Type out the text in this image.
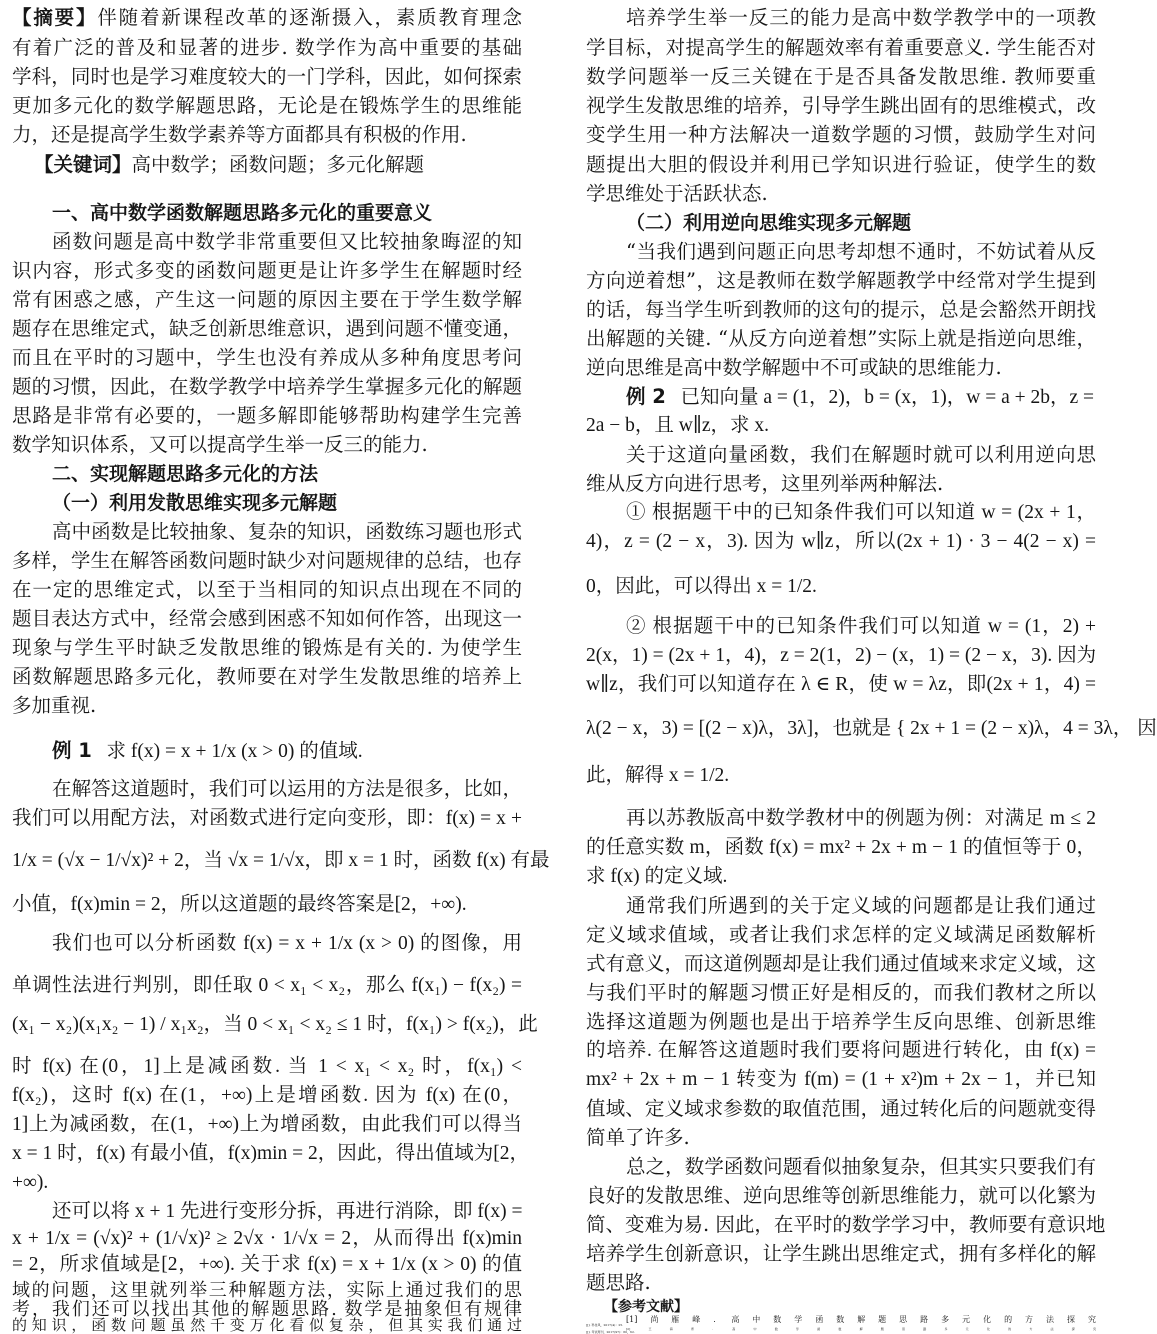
【摘要】伴随着新课程改革的逐渐摄入，素质教育理念
有着广泛的普及和显著的进步. 数学作为高中重要的基础
学科，同时也是学习难度较大的一门学科，因此，如何探索
更加多元化的数学解题思路，无论是在锻炼学生的思维能
力，还是提高学生数学素养等方面都具有积极的作用.
【关键词】高中数学；函数问题；多元化解题
一、高中数学函数解题思路多元化的重要意义
函数问题是高中数学非常重要但又比较抽象晦涩的知
识内容，形式多变的函数问题更是让许多学生在解题时经
常有困惑之感，产生这一问题的原因主要在于学生数学解
题存在思维定式，缺乏创新思维意识，遇到问题不懂变通，
而且在平时的习题中，学生也没有养成从多种角度思考问
题的习惯，因此，在数学教学中培养学生掌握多元化的解题
思路是非常有必要的，一题多解即能够帮助构建学生完善
数学知识体系，又可以提高学生举一反三的能力.
二、实现解题思路多元化的方法
（一）利用发散思维实现多元解题
高中函数是比较抽象、复杂的知识，函数练习题也形式
多样，学生在解答函数问题时缺少对问题规律的总结，也存
在一定的思维定式，以至于当相同的知识点出现在不同的
题目表达方式中，经常会感到困惑不知如何作答，出现这一
现象与学生平时缺乏发散思维的锻炼是有关的. 为使学生
函数解题思路多元化，教师要在对学生发散思维的培养上
多加重视.
例 1 求 f(x) = x + 1/x (x > 0) 的值域.
在解答这道题时，我们可以运用的方法是很多，比如，
我们可以用配方法，对函数式进行定向变形，即：f(x) = x +
1/x = (√x − 1/√x)² + 2，当 √x = 1/√x，即 x = 1 时，函数 f(x) 有最
小值，f(x)min = 2，所以这道题的最终答案是[2，+∞).
我们也可以分析函数 f(x) = x + 1/x (x > 0) 的图像，用
单调性法进行判别，即任取 0 < x₁ < x₂，那么 f(x₁) − f(x₂) =
(x₁ − x₂)(x₁x₂ − 1) / x₁x₂，当 0 < x₁ < x₂ ≤ 1 时，f(x₁) > f(x₂)，此
时 f(x) 在(0，1]上是减函数. 当 1 < x₁ < x₂ 时，f(x₁) <
f(x₂)，这时 f(x) 在(1，+∞)上是增函数. 因为 f(x) 在(0，
1]上为减函数，在(1，+∞)上为增函数，由此我们可以得当
x = 1 时，f(x) 有最小值，f(x)min = 2，因此，得出值域为[2，
+∞).
还可以将 x + 1 先进行变形分拆，再进行消除，即 f(x) =
x + 1/x = (√x)² + (1/√x)² ≥ 2√x · 1/√x = 2，从而得出 f(x)min
= 2，所求值域是[2，+∞). 关于求 f(x) = x + 1/x (x > 0) 的值
域的问题，这里就列举三种解题方法，实际上通过我们的思
考，我们还可以找出其他的解题思路. 数学是抽象但有规律
的知识，函数问题虽然千变万化看似复杂，但其实我们通过
培养学生举一反三的能力是高中数学教学中的一项教
学目标，对提高学生的解题效率有着重要意义. 学生能否对
数学问题举一反三关键在于是否具备发散思维. 教师要重
视学生发散思维的培养，引导学生跳出固有的思维模式，改
变学生用一种方法解决一道数学题的习惯，鼓励学生对问
题提出大胆的假设并利用已学知识进行验证，使学生的数
学思维处于活跃状态.
（二）利用逆向思维实现多元解题
“当我们遇到问题正向思考却想不通时，不妨试着从反
方向逆着想”，这是教师在数学解题教学中经常对学生提到
的话，每当学生听到教师的这句的提示，总是会豁然开朗找
出解题的关键. “从反方向逆着想”实际上就是指逆向思维，
逆向思维是高中数学解题中不可或缺的思维能力.
例 2 已知向量 a = (1，2)，b = (x，1)，w = a + 2b，z =
2a − b，且 w∥z，求 x.
关于这道向量函数，我们在解题时就可以利用逆向思
维从反方向进行思考，这里列举两种解法.
① 根据题干中的已知条件我们可以知道 w = (2x + 1，
4)，z = (2 − x，3). 因为 w∥z，所以(2x + 1) · 3 − 4(2 − x) =
0，因此，可以得出 x = 1/2.
② 根据题干中的已知条件我们可以知道 w = (1，2) +
2(x，1) = (2x + 1，4)，z = 2(1，2) − (x，1) = (2 − x，3). 因为
w∥z，我们可以知道存在 λ ∈ R，使 w = λz，即(2x + 1，4) =
λ(2 − x，3) = [(2 − x)λ，3λ]，也就是 { 2x + 1 = (2 − x)λ，4 = 3λ， 因
此，解得 x = 1/2.
再以苏教版高中数学教材中的例题为例：对满足 m ≤ 2
的任意实数 m，函数 f(x) = mx² + 2x + m − 1 的值恒等于 0，
求 f(x) 的定义域.
通常我们所遇到的关于定义域的问题都是让我们通过
定义域求值域，或者让我们求怎样的定义域满足函数解析
式有意义，而这道例题却是让我们通过值域来求定义域，这
与我们平时的解题习惯正好是相反的，而我们教材之所以
选择这道题为例题也是出于培养学生反向思维、创新思维
的培养. 在解答这道题时我们要将问题进行转化，由 f(x) =
mx² + 2x + m − 1 转变为 f(m) = (1 + x²)m + 2x − 1，并已知
值域、定义域求参数的取值范围，通过转化后的问题就变得
简单了许多.
总之，数学函数问题看似抽象复杂，但其实只要我们有
良好的发散思维、逆向思维等创新思维能力，就可以化繁为
简、变难为易. 因此，在平时的数学学习中，教师要有意识地
培养学生创新意识，让学生跳出思维定式，拥有多样化的解
题思路.
【参考文献】
[1]尚雁峰. 高中数学函数解题思路多元化的方法探究
[J]. 科技风，2017(4)：25.
[2]王海青. 高中数学函数解题思路多元化的方法探究
[J]. 考试周刊，2017(97)：60，62.
